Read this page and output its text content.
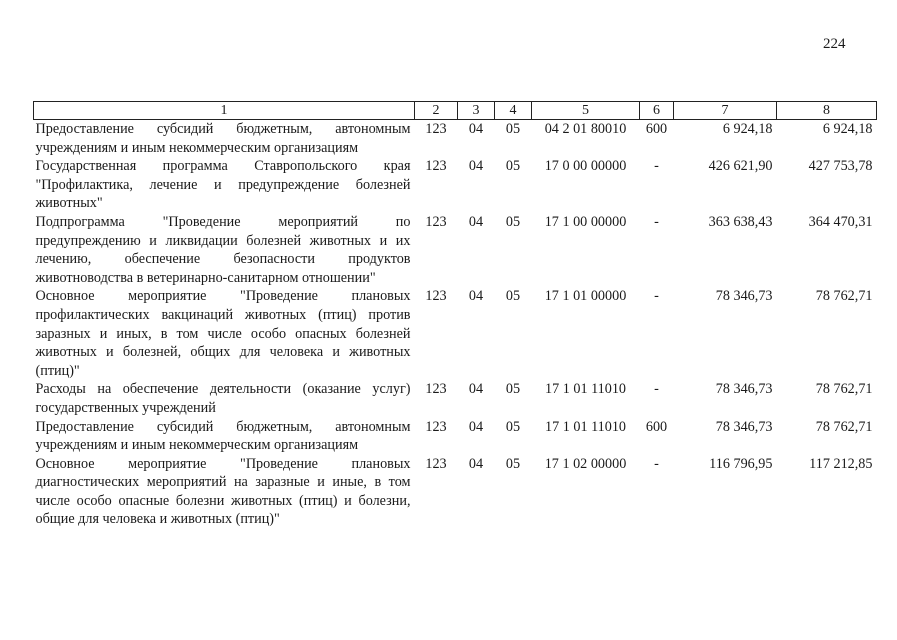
224
1	2	3	4	5	6	7	8
Предоставление субсидий бюджетным, автономным учреждениям и иным некоммерческим организациям	123	04	05	04 2 01 80010	600	6 924,18	6 924,18
Государственная программа Ставропольского края "Профилактика, лечение и предупреждение болезней животных"	123	04	05	17 0 00 00000	-	426 621,90	427 753,78
Подпрограмма "Проведение мероприятий по предупреждению и ликвидации болезней животных и их лечению, обеспечение безопасности продуктов животноводства в ветеринарно-санитарном отношении"	123	04	05	17 1 00 00000	-	363 638,43	364 470,31
Основное мероприятие "Проведение плановых профилактических вакцинаций животных (птиц) против заразных и иных, в том числе особо опасных болезней животных и болезней, общих для человека и животных (птиц)"	123	04	05	17 1 01 00000	-	78 346,73	78 762,71
Расходы на обеспечение деятельности (оказание услуг) государственных учреждений	123	04	05	17 1 01 11010	-	78 346,73	78 762,71
Предоставление субсидий бюджетным, автономным учреждениям и иным некоммерческим организациям	123	04	05	17 1 01 11010	600	78 346,73	78 762,71
Основное мероприятие "Проведение плановых диагностических мероприятий на заразные и иные, в том числе особо опасные болезни животных (птиц) и болезни, общие для человека и животных (птиц)"	123	04	05	17 1 02 00000	-	116 796,95	117 212,85
